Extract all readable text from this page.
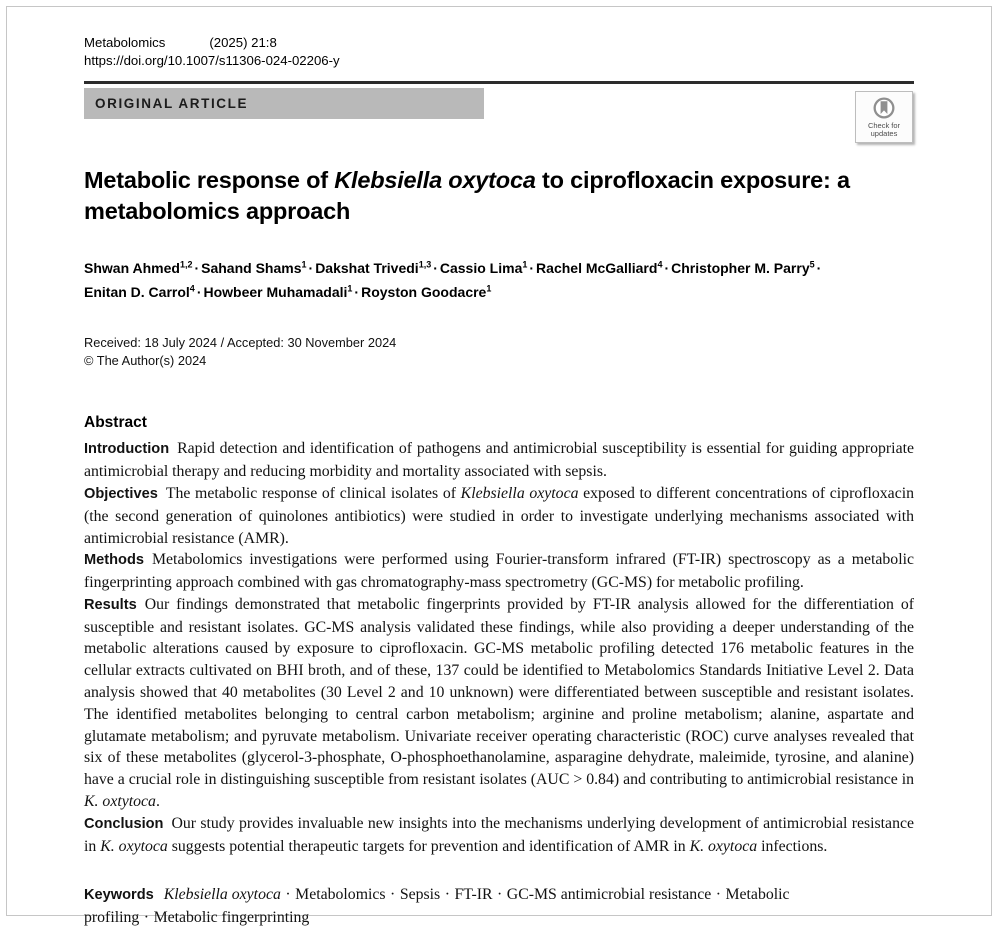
Metabolomics	(2025) 21:8
https://doi.org/10.1007/s11306-024-02206-y
ORIGINAL ARTICLE
Check for
updates
Metabolic response of Klebsiella oxytoca to ciprofloxacin exposure: a metabolomics approach
Shwan Ahmed$^{1,2}$ · Sahand Shams$^1$ · Dakshat Trivedi$^{1,3}$ · Cassio Lima$^1$ · Rachel McGalliard$^4$ · Christopher M. Parry$^5$ ·
Enitan D. Carrol$^4$ · Howbeer Muhamadali$^1$ · Royston Goodacre$^1$
Received: 18 July 2024 / Accepted: 30 November 2024
© The Author(s) 2024
Abstract

Introduction Rapid detection and identification of pathogens and antimicrobial susceptibility is essential for guiding appropriate antimicrobial therapy and reducing morbidity and mortality associated with sepsis.

Objectives The metabolic response of clinical isolates of Klebsiella oxytoca exposed to different concentrations of ciprofloxacin (the second generation of quinolones antibiotics) were studied in order to investigate underlying mechanisms associated with antimicrobial resistance (AMR).

Methods Metabolomics investigations were performed using Fourier-transform infrared (FT-IR) spectroscopy as a metabolic fingerprinting approach combined with gas chromatography-mass spectrometry (GC-MS) for metabolic profiling.

Results Our findings demonstrated that metabolic fingerprints provided by FT-IR analysis allowed for the differentiation of susceptible and resistant isolates. GC-MS analysis validated these findings, while also providing a deeper understanding of the metabolic alterations caused by exposure to ciprofloxacin. GC-MS metabolic profiling detected 176 metabolic features in the cellular extracts cultivated on BHI broth, and of these, 137 could be identified to Metabolomics Standards Initiative Level 2. Data analysis showed that 40 metabolites (30 Level 2 and 10 unknown) were differentiated between susceptible and resistant isolates. The identified metabolites belonging to central carbon metabolism; arginine and proline metabolism; alanine, aspartate and glutamate metabolism; and pyruvate metabolism. Univariate receiver operating characteristic (ROC) curve analyses revealed that six of these metabolites (glycerol-3-phosphate, O-phosphoethanolamine, asparagine dehydrate, maleimide, tyrosine, and alanine) have a crucial role in distinguishing susceptible from resistant isolates (AUC > 0.84) and contributing to antimicrobial resistance in K. oxtytoca.

Conclusion Our study provides invaluable new insights into the mechanisms underlying development of antimicrobial resistance in K. oxytoca suggests potential therapeutic targets for prevention and identification of AMR in K. oxytoca infections.

Keywords Klebsiella oxytoca · Metabolomics · Sepsis · FT-IR · GC-MS antimicrobial resistance · Metabolic profiling · Metabolic fingerprinting
